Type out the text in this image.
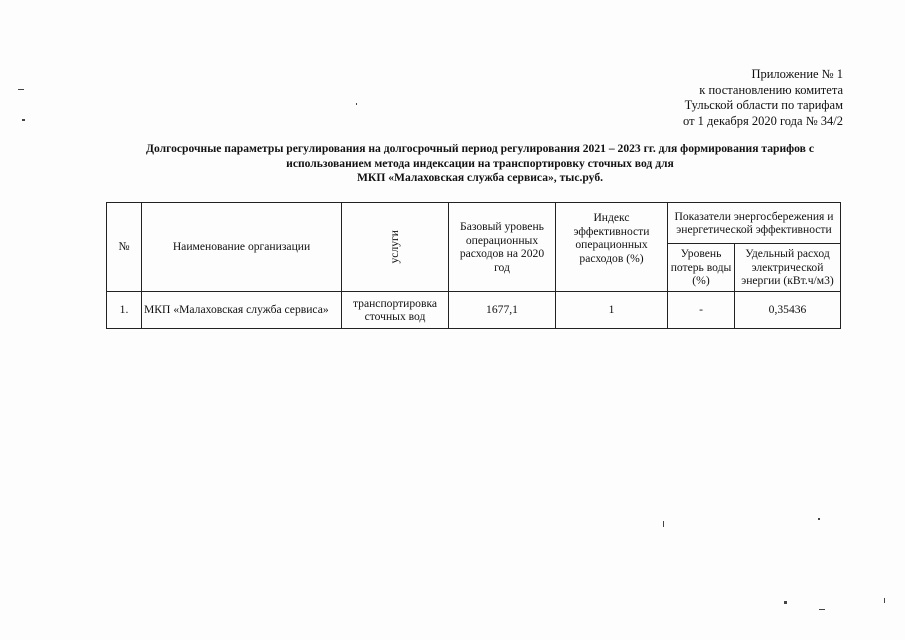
Приложение № 1
к постановлению комитета
Тульской области по тарифам
от 1 декабря 2020 года № 34/2
Долгосрочные параметры регулирования на долгосрочный период регулирования 2021 – 2023 гг. для формирования тарифов с
использованием метода индексации на транспортировку сточных вод для
МКП «Малаховская служба сервиса», тыс.руб.
№	Наименование организации	услуги	Базовый уровень операционных расходов на 2020 год	Индекс эффективности операционных расходов (%)	Показатели энергосбережения и энергетической эффективности	
					Уровень потерь воды (%)	Удельный расход электрической энергии (кВт.ч/м3)
1.	МКП «Малаховская служба сервиса»	транспортировка сточных вод	1677,1	1	-	0,35436
